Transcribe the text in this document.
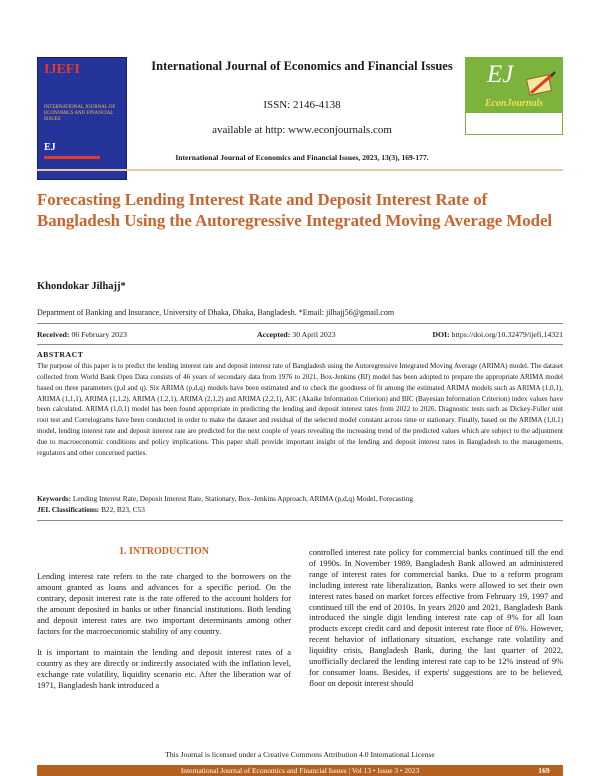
IJEFI
INTERNATIONAL JOURNAL OF ECONOMICS AND FINANCIAL ISSUES
EJ
International Journal of Economics and Financial Issues
ISSN: 2146-4138
available at http: www.econjournals.com
International Journal of Economics and Financial Issues, 2023, 13(3), 169-177.
EJ
EconJournals
Forecasting Lending Interest Rate and Deposit Interest Rate of Bangladesh Using the Autoregressive Integrated Moving Average Model
Khondokar Jilhajj*
Department of Banking and Insurance, University of Dhaka, Dhaka, Bangladesh. *Email: jilhajj56@gmail.com
Received: 06 February 2023	Accepted: 30 April 2023	DOI: https://doi.org/10.32479/ijefi.14321
ABSTRACT
The purpose of this paper is to predict the lending interest rate and deposit interest rate of Bangladesh using the Autoregressive Integrated Moving Average (ARIMA) model. The dataset collected from World Bank Open Data consists of 46 years of secondary data from 1976 to 2021. Box-Jenkins (BJ) model has been adopted to prepare the appropriate ARIMA model based on three parameters (p,d and q). Six ARIMA (p,d,q) models have been estimated and to check the goodness of fit among the estimated ARIMA models such as ARIMA (1,0,1), ARIMA (1,1,1), ARIMA (1,1,2), ARIMA (1,2,1), ARIMA (2,1,2) and ARIMA (2,2,1), AIC (Akaike Information Criterion) and BIC (Bayesian Information Criterion) index values have been calculated. ARIMA (1,0,1) model has been found appropriate in predicting the lending and deposit interest rates from 2022 to 2026. Diagnostic tests such as Dickey-Fuller unit root test and Correlograms have been conducted in order to make the dataset and residual of the selected model constant across time or stationary. Finally, based on the ARIMA (1,0,1) model, lending interest rate and deposit interest rate are predicted for the next couple of years revealing the increasing trend of the predicted values which are subject to the adjustment due to macroeconomic conditions and policy implications. This paper shall provide important insight of the lending and deposit interest rates in Bangladesh to the managements, regulators and other concerned parties.
Keywords: Lending Interest Rate, Deposit Interest Rate, Stationary, Box–Jenkins Approach, ARIMA (p,d,q) Model, Forecasting
JEL Classifications: B22, B23, C53
1. INTRODUCTION

Lending interest rate refers to the rate charged to the borrowers on the amount granted as loans and advances for a specific period. On the contrary, deposit interest rate is the rate offered to the account holders for the amount deposited in banks or other financial institutions. Both lending and deposit interest rates are two important determinants among other factors for the macroeconomic stability of any country.

It is important to maintain the lending and deposit interest rates of a country as they are directly or indirectly associated with the inflation level, exchange rate volatility, liquidity scenario etc. After the liberation war of 1971, Bangladesh bank introduced a

controlled interest rate policy for commercial banks continued till the end of 1990s. In November 1989, Bangladesh Bank allowed an administered range of interest rates for commercial banks. Due to a reform program including interest rate liberalization, Banks were allowed to set their own interest rates based on market forces effective from February 19, 1997 and continued till the end of 2010s. In years 2020 and 2021, Bangladesh Bank introduced the single digit lending interest rate cap of 9% for all loan products except credit card and deposit interest rate floor of 6%. However, recent behavior of inflationary situation, exchange rate volatility and liquidity crisis, Bangladesh Bank, during the last quarter of 2022, unofficially declared the lending interest rate cap to be 12% instead of 9% for consumer loans. Besides, if experts' suggestions are to be believed, floor on deposit interest should

This Journal is licensed under a Creative Commons Attribution 4.0 International License
International Journal of Economics and Financial Issues | Vol 13 • Issue 3 • 2023	169
